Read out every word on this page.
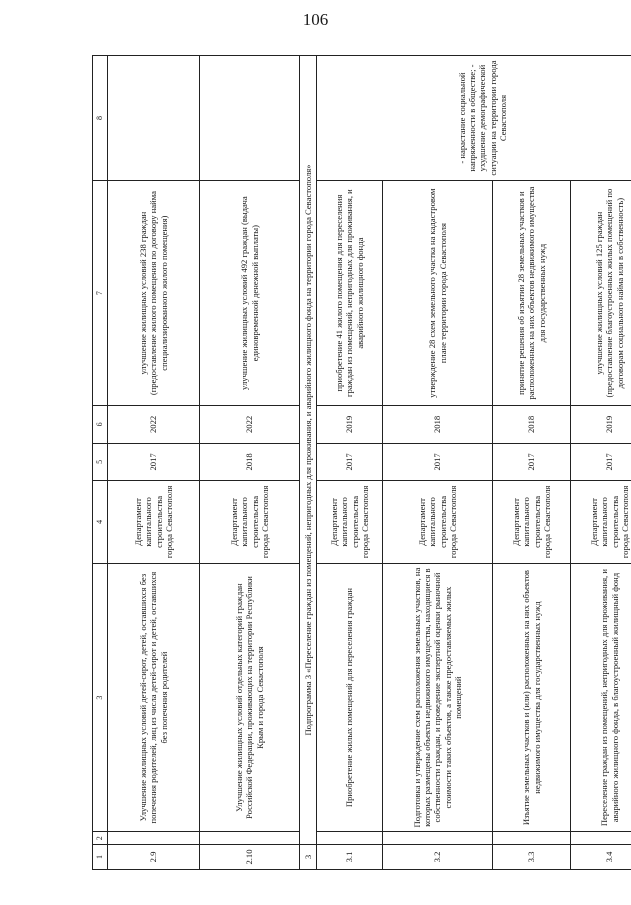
106
1	2	3	4	5	6	7	8
2.9		Улучшение жилищных условий детей-сирот, детей, оставшихся без попечения родителей, лиц из числа детей-сирот и детей, оставшихся без попечения родителей	Департамент капитального строительства города Севастополя	2017	2022	улучшение жилищных условий 238 граждан (предоставление жилого помещения по договору найма специализированного жилого помещения)	
2.10		Улучшение жилищных условий отдельных категорий граждан Российской Федерации, проживающих на территории Республики Крым и города Севастополя	Департамент капитального строительства города Севастополя	2018	2022	улучшение жилищных условий 492 граждан (выдача единовременной денежной выплаты)	
3	Подпрограмма 3 «Переселение граждан из помещений, непригодных для проживания, и аварийного жилищного фонда на территории города Севастополя»						
3.1		Приобретение жилых помещений для переселения граждан	Департамент капитального строительства города Севастополя	2017	2019	приобретение 41 жилого помещения для переселения граждан из помещений, непригодных для проживания, и аварийного жилищного фонда	- нарастание социальной напряженности в обществе; - ухудшение демографической ситуации на территории города Севастополя
3.2		Подготовка и утверждение схем расположения земельных участков, на которых размещены объекты недвижимого имущества, находящиеся в собственности граждан, и проведение экспертной оценки рыночной стоимости таких объектов, а также предоставляемых жилых помещений	Департамент капитального строительства города Севастополя	2017	2018	утверждение 28 схем земельного участка на кадастровом плане территории города Севастополя	
3.3		Изъятие земельных участков и (или) расположенных на них объектов недвижимого имущества для государственных нужд	Департамент капитального строительства города Севастополя	2017	2018	принятие решения об изъятии 28 земельных участков и расположенных на них объектов недвижимого имущества для государственных нужд	
3.4		Переселение граждан из помещений, непригодных для проживания, и аварийного жилищного фонда, в благоустроенный жилищный фонд	Департамент капитального строительства города Севастополя	2017	2019	улучшение жилищных условий 125 граждан (предоставление благоустроенных жилых помещений по договорам социального найма или в собственность)	
